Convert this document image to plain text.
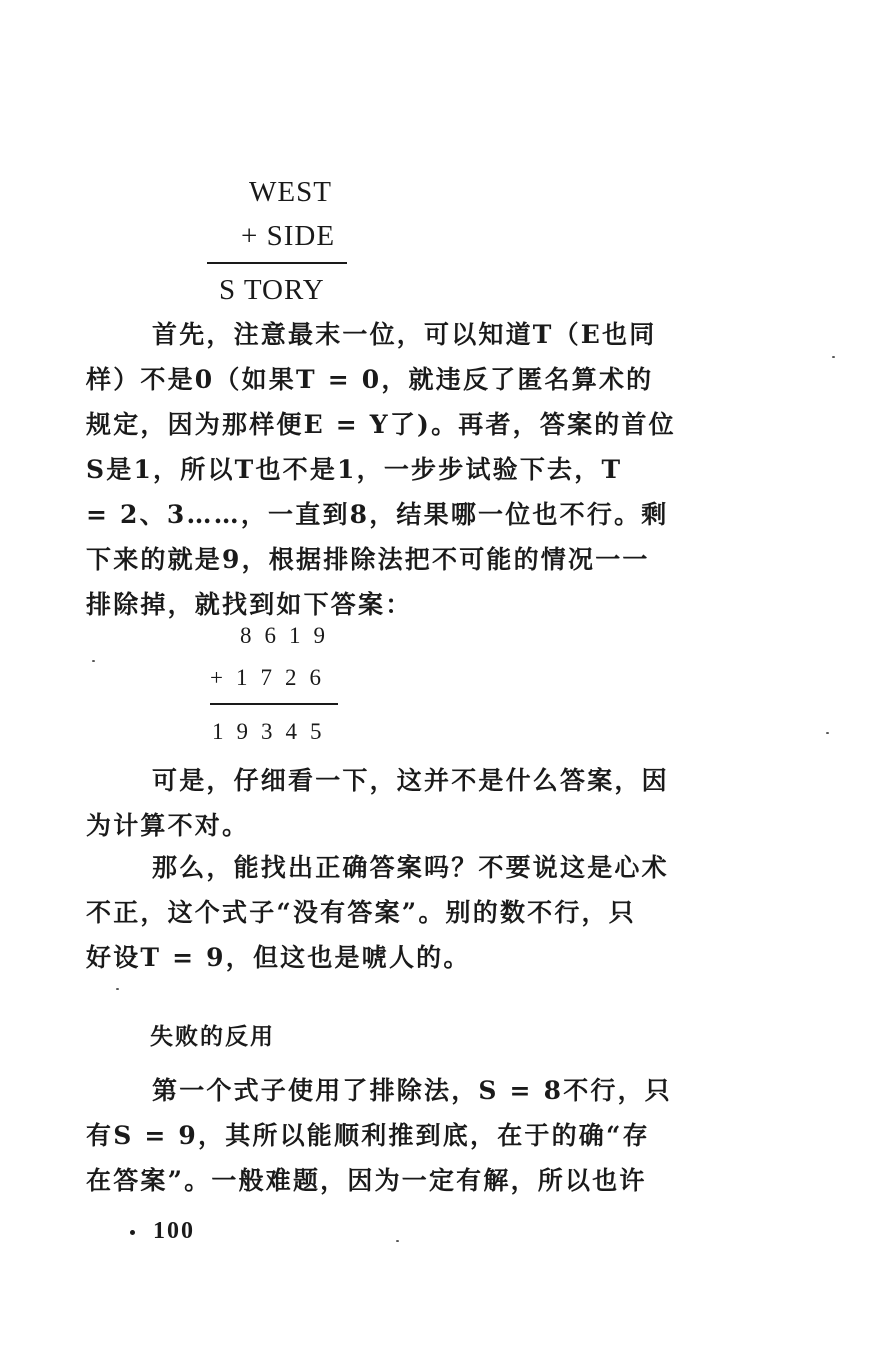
WEST
+ SIDE
S TORY
首先，注意最末一位，可以知道T（E也同
样）不是0（如果T = 0，就违反了匿名算术的
规定，因为那样便E = Y了)。再者，答案的首位
S是1，所以T也不是1，一步步试验下去，T
= 2、3……，一直到8，结果哪一位也不行。剩
下来的就是9，根据排除法把不可能的情况一一
排除掉，就找到如下答案：
8619
+1726
19345
可是，仔细看一下，这并不是什么答案，因
为计算不对。
那么，能找出正确答案吗？不要说这是心术
不正，这个式子“没有答案”。别的数不行，只
好设T = 9，但这也是唬人的。
失败的反用
第一个式子使用了排除法，S = 8不行，只
有S = 9，其所以能顺利推到底，在于的确“存
在答案”。一般难题，因为一定有解，所以也许
100
